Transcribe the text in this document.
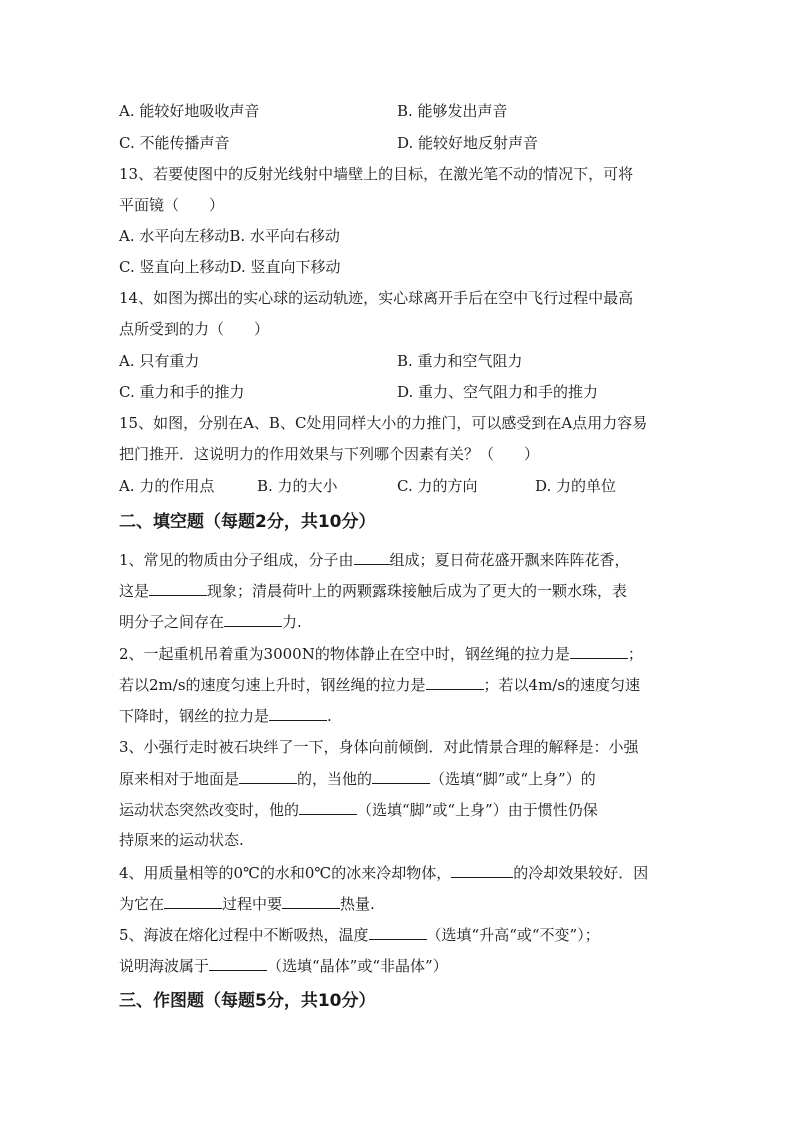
A. 能较好地吸收声音	B. 能够发出声音
C. 不能传播声音	D. 能较好地反射声音
13、若要使图中的反射光线射中墙壁上的目标，在激光笔不动的情况下，可将
平面镜（　　）
A. 水平向左移动B. 水平向右移动
C. 竖直向上移动D. 竖直向下移动
14、如图为掷出的实心球的运动轨迹，实心球离开手后在空中飞行过程中最高
点所受到的力（　　）
A. 只有重力	B. 重力和空气阻力
C. 重力和手的推力	D. 重力、空气阻力和手的推力
15、如图，分别在A、B、C处用同样大小的力推门，可以感受到在A点用力容易
把门推开．这说明力的作用效果与下列哪个因素有关？（　　）
A. 力的作用点	B. 力的大小	C. 力的方向	D. 力的单位
二、填空题（每题2分，共10分）
1、常见的物质由分子组成，分子由 组成；夏日荷花盛开飘来阵阵花香，
这是	现象；清晨荷叶上的两颗露珠接触后成为了更大的一颗水珠，表
明分子之间存在	力.
2、一起重机吊着重为3000N的物体静止在空中时，钢丝绳的拉力是	；
若以2m/s的速度匀速上升时，钢丝绳的拉力是	；若以4m/s的速度匀速
下降时，钢丝的拉力是	.
3、小强行走时被石块绊了一下，身体向前倾倒．对此情景合理的解释是：小强
原来相对于地面是	的，当他的	（选填“脚”或“上身”）的
运动状态突然改变时，他的	（选填“脚”或“上身”）由于惯性仍保
持原来的运动状态.
4、用质量相等的0℃的水和0℃的冰来冷却物体，	的冷却效果较好．因
为它在	过程中要	热量.
5、海波在熔化过程中不断吸热，温度	（选填“升高“或“不变”）；
说明海波属于	（选填“晶体”或“非晶体”）
三、作图题（每题5分，共10分）
